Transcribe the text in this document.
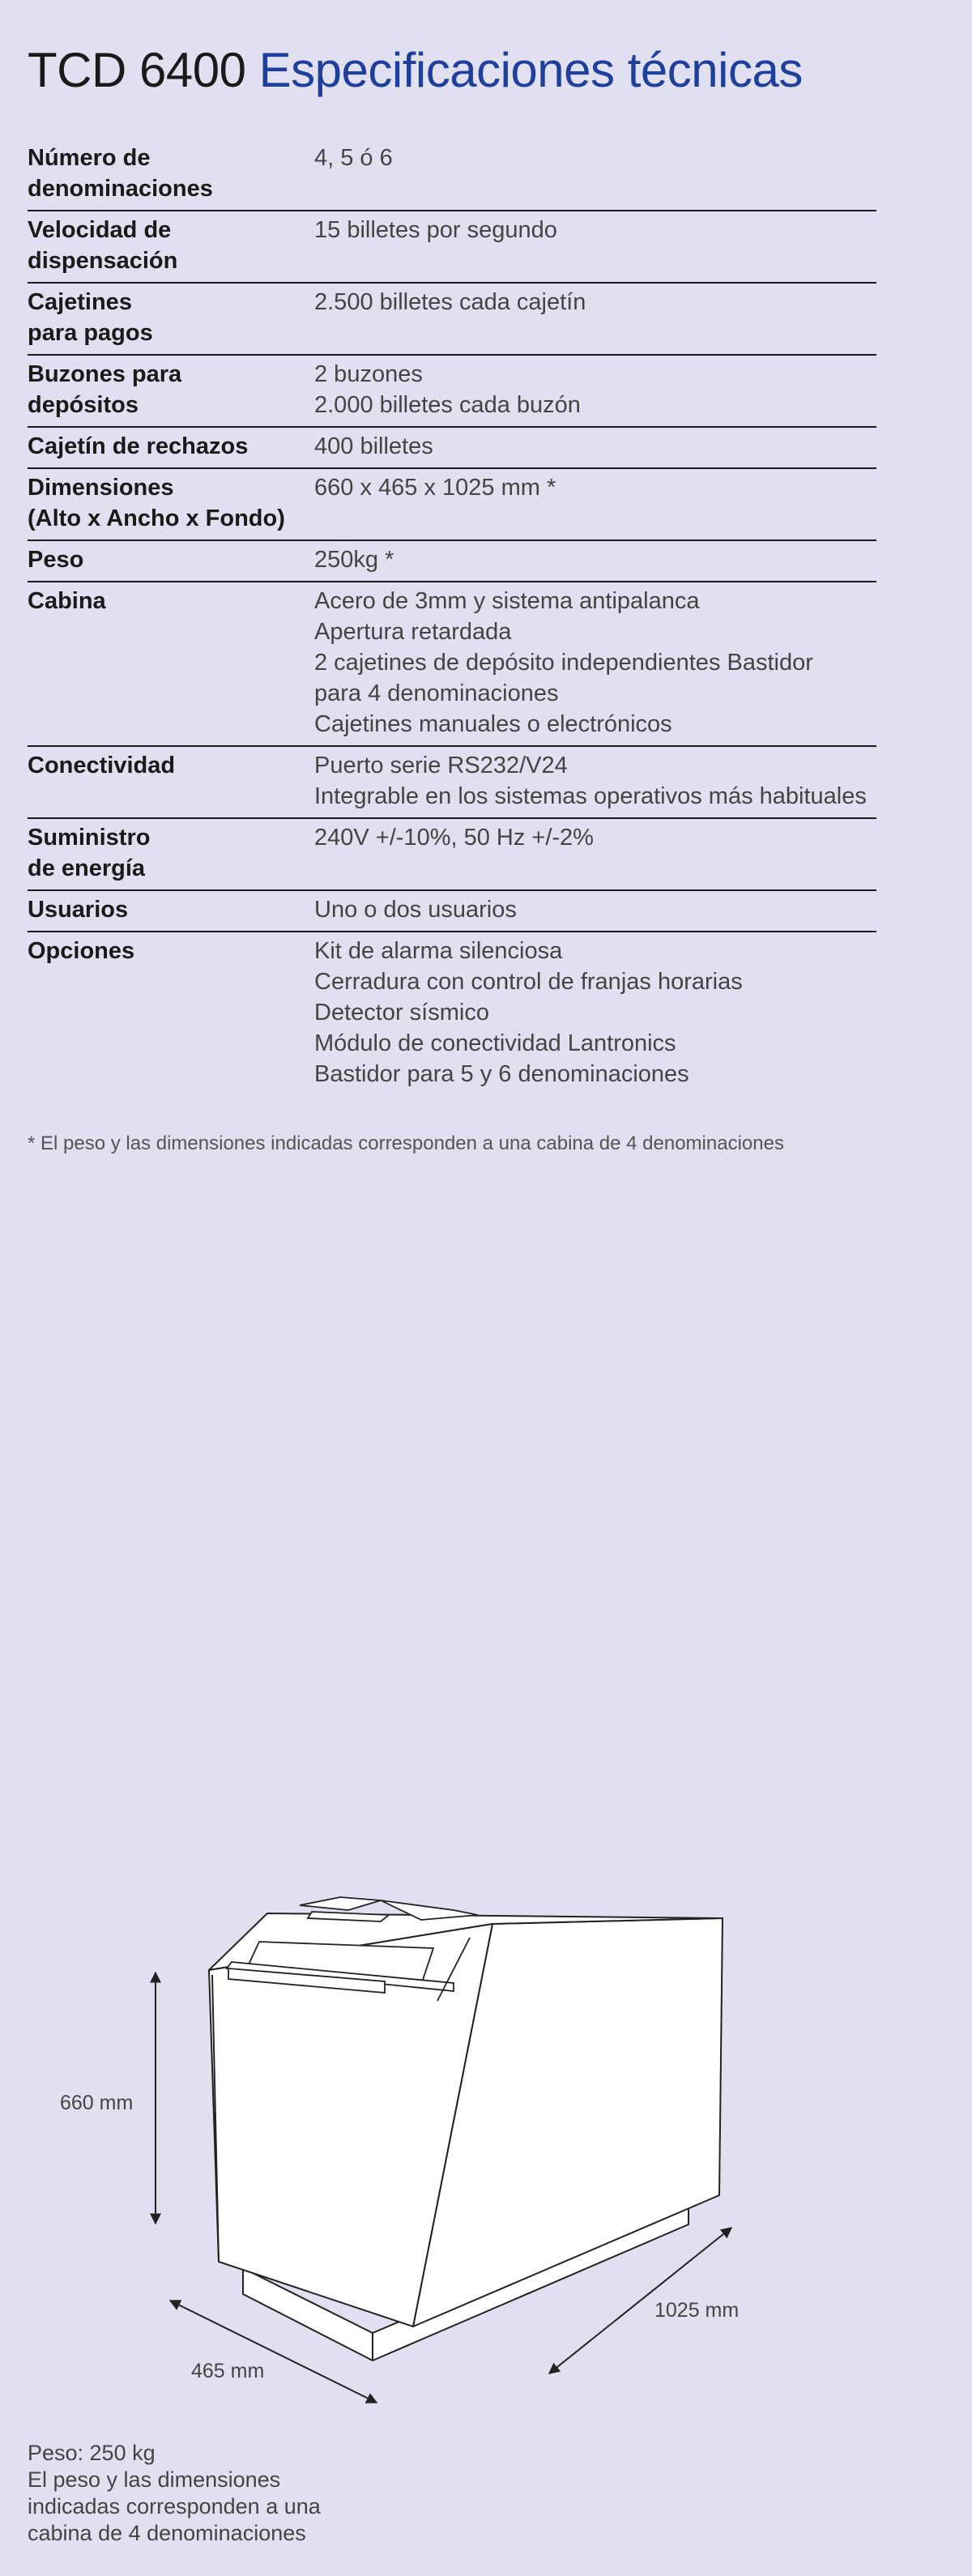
TCD 6400 Especificaciones técnicas
Número de
denominaciones	4, 5 ó 6

Velocidad de
dispensación	15 billetes por segundo

Cajetines
para pagos	2.500 billetes cada cajetín

Buzones para
depósitos	2 buzones
2.000 billetes cada buzón

Cajetín de rechazos	400 billetes

Dimensiones
(Alto x Ancho x Fondo)	660 x 465 x 1025 mm *

Peso	250kg *

Cabina	Acero de 3mm y sistema antipalanca
Apertura retardada
2 cajetines de depósito independientes Bastidor
para 4 denominaciones
Cajetines manuales o electrónicos

Conectividad	Puerto serie RS232/V24
Integrable en los sistemas operativos más habituales

Suministro
de energía	240V +/-10%, 50 Hz +/-2%

Usuarios	Uno o dos usuarios

Opciones	Kit de alarma silenciosa
Cerradura con control de franjas horarias
Detector sísmico
Módulo de conectividad Lantronics
Bastidor para 5 y 6 denominaciones
* El peso y las dimensiones indicadas corresponden a una cabina de 4 denominaciones
660 mm
465 mm
1025 mm
Peso: 250 kg
El peso y las dimensiones
indicadas corresponden a una
cabina de 4 denominaciones
